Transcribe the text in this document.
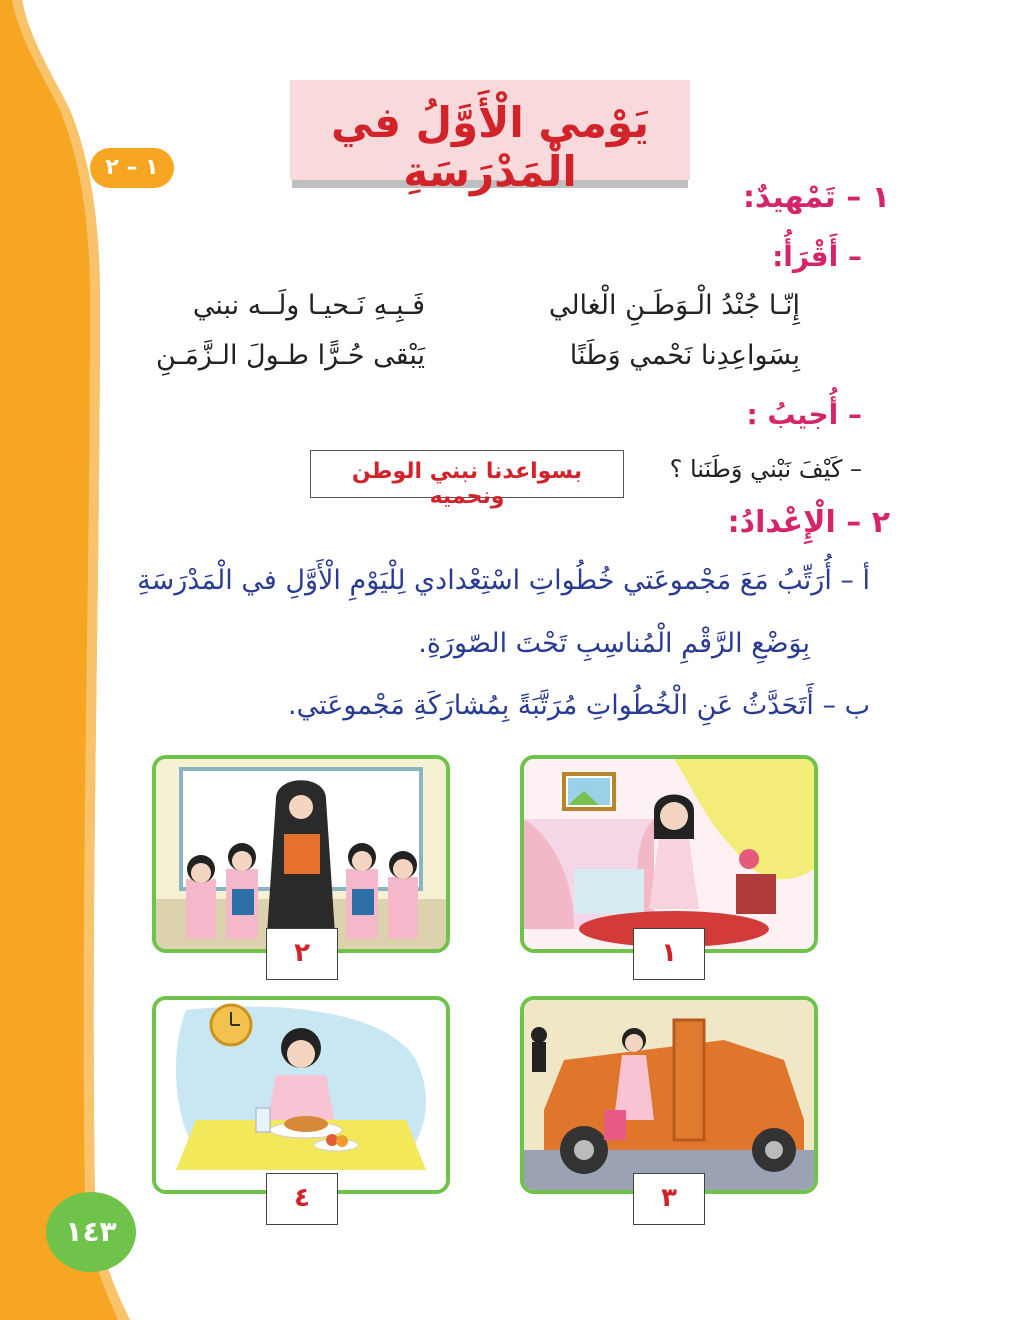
يَوْمي الْأَوَّلُ في الْمَدْرَسَةِ
١ – ٢
١ – تَمْهيدٌ:
– أَقْرَأُ:
إِنّـا جُنْدُ الْـوَطَـنِ الْغالي
فَـبِـهِ نَـحيـا ولَــه نبني
بِسَواعِدِنا نَحْمي وَطَنًا
يَبْقى حُـرًّا طـولَ الـزَّمَـنِ
– أُجيبُ :
– كَيْفَ نَبْني وَطَنَنا ؟
بسواعدنا نبني الوطن ونحميه
٢ – الْإِعْدادُ:
أ – أُرَتِّبُ مَعَ مَجْموعَتي خُطُواتِ اسْتِعْدادي لِلْيَوْمِ الْأَوَّلِ في الْمَدْرَسَةِ
بِوَضْعِ الرَّقْمِ الْمُناسِبِ تَحْتَ الصّورَةِ.
ب – أَتَحَدَّثُ عَنِ الْخُطُواتِ مُرَتَّبَةً بِمُشارَكَةِ مَجْموعَتي.
١
٢
٣
٤
١٤٣
